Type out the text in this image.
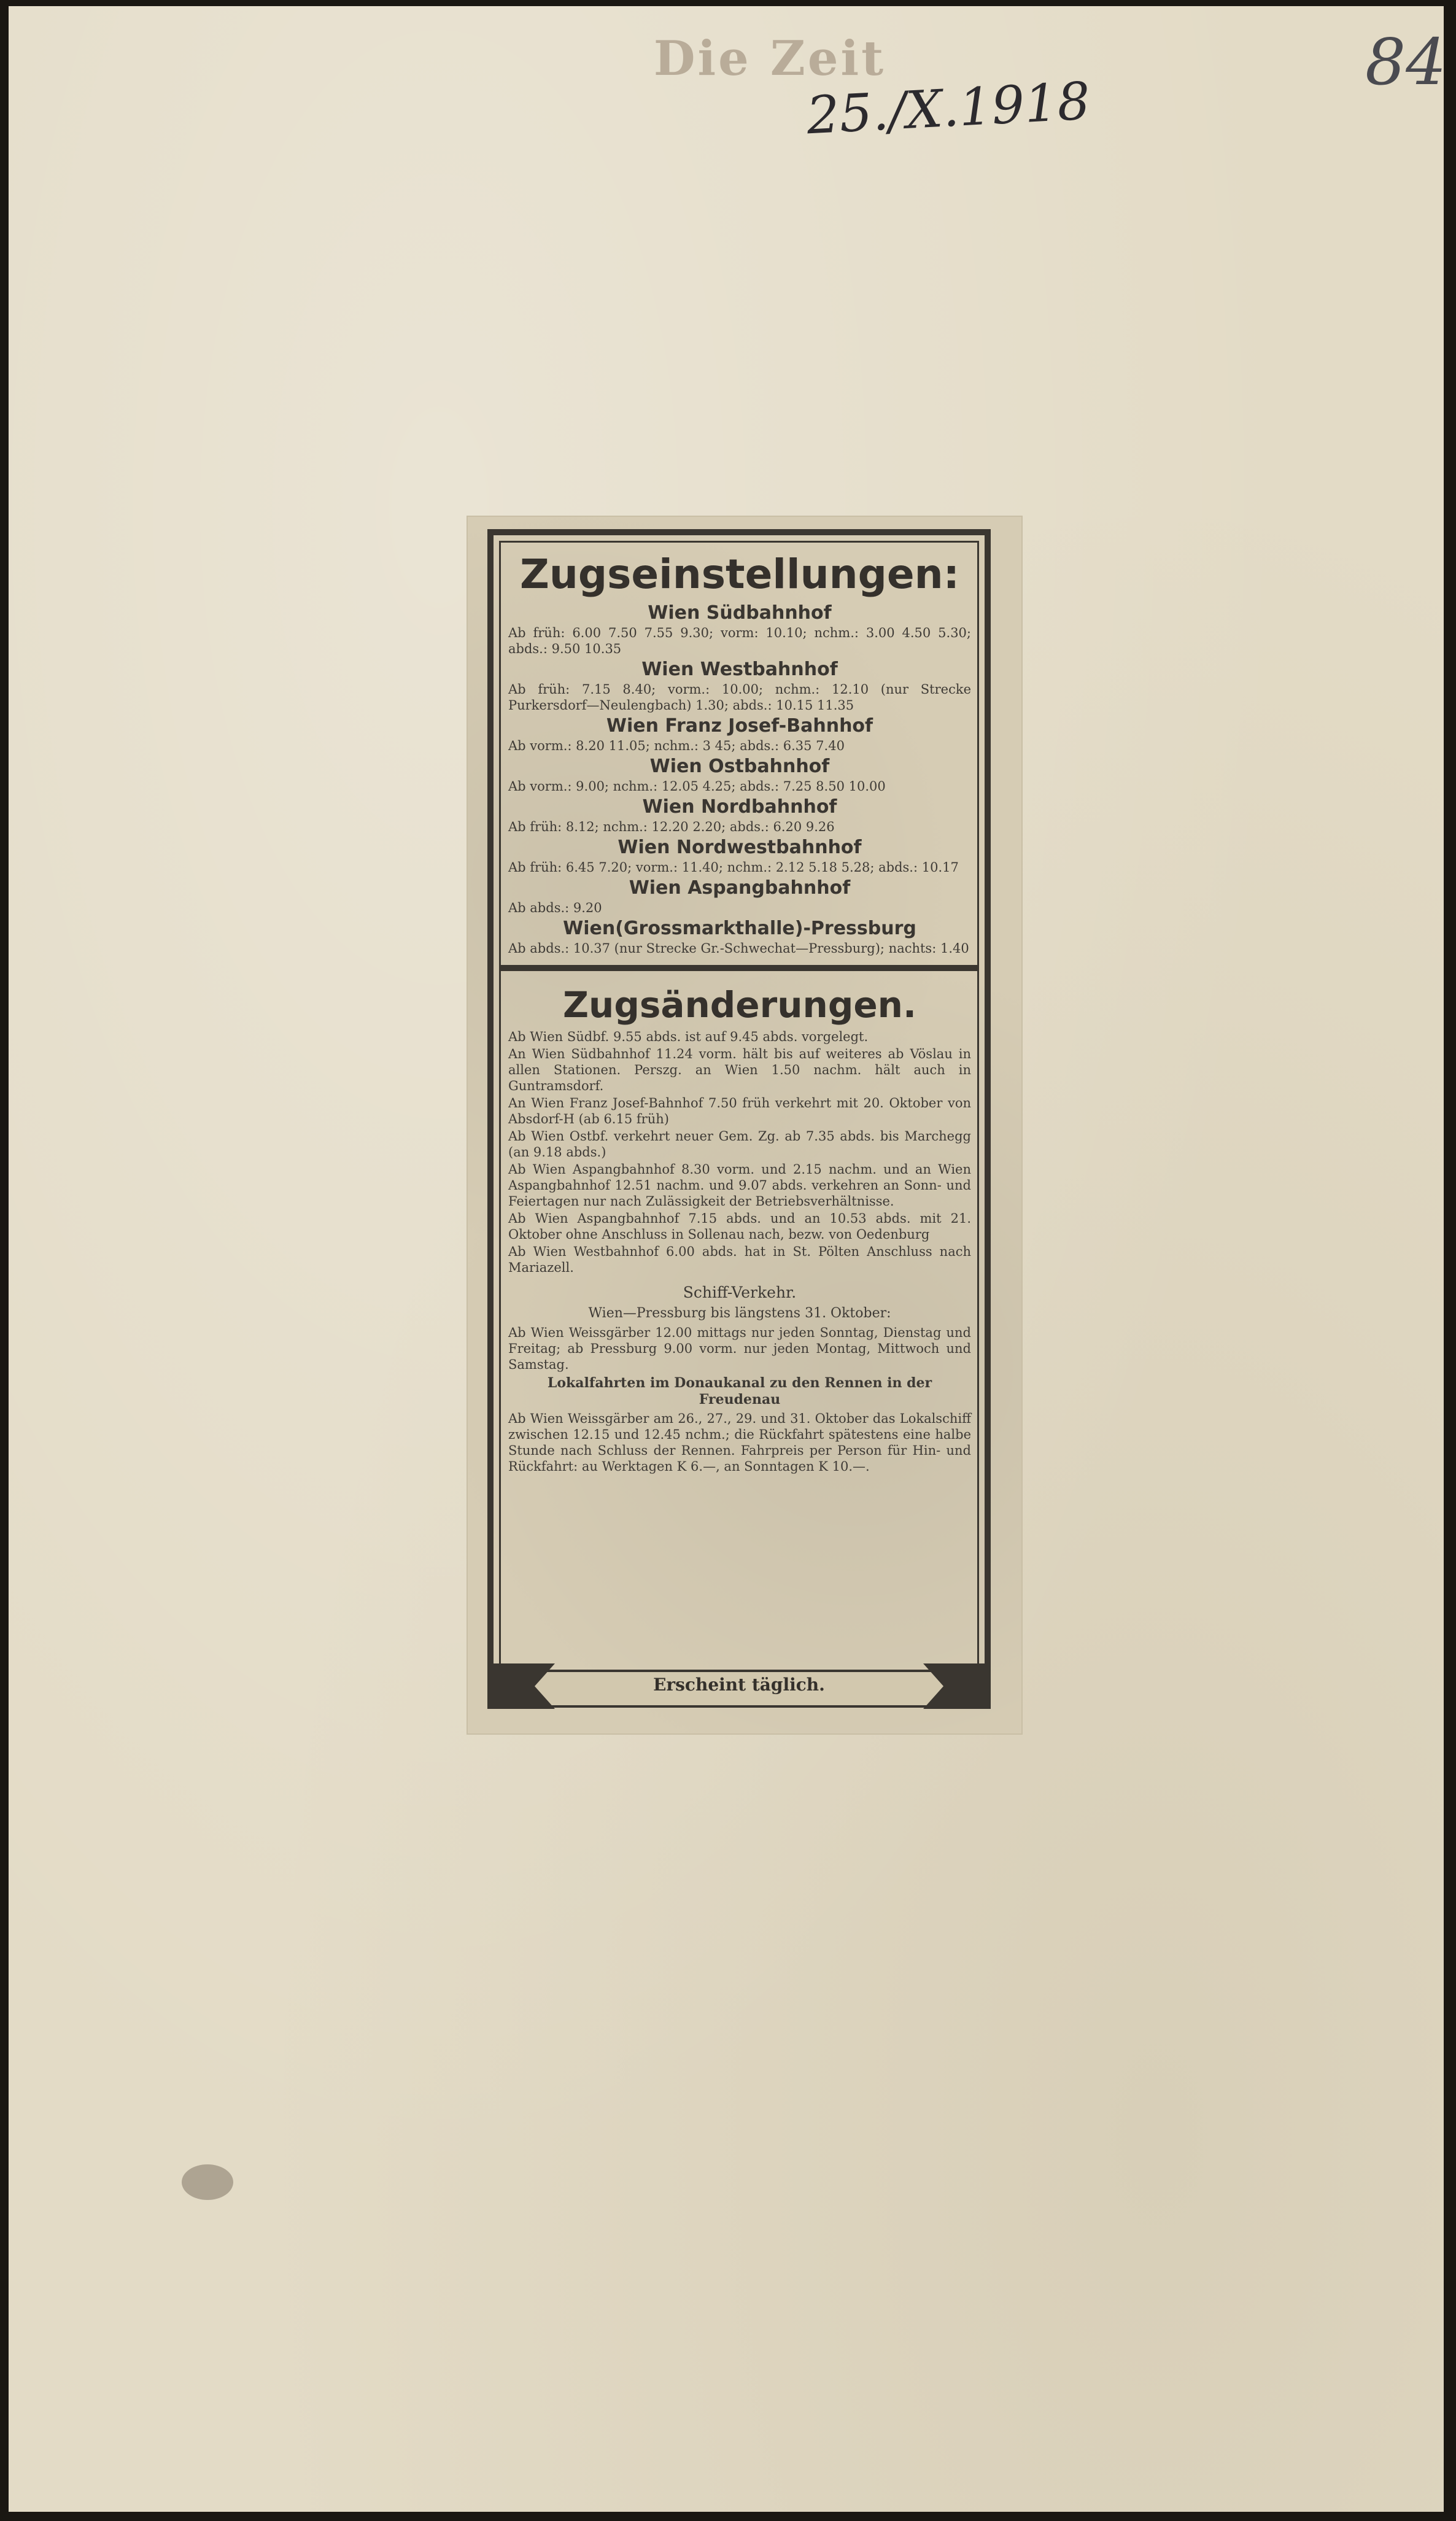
Die Zeit
25./X.1918
84
Zugseinstellungen:
Wien Südbahnhof
Ab früh: 6.00 7.50 7.55 9.30; vorm: 10.10; nchm.: 3.00 4.50 5.30; abds.: 9.50 10.35
Wien Westbahnhof
Ab früh: 7.15 8.40; vorm.: 10.00; nchm.: 12.10 (nur Strecke Purkersdorf—Neulengbach) 1.30; abds.: 10.15 11.35
Wien Franz Josef-Bahnhof
Ab vorm.: 8.20 11.05; nchm.: 3 45; abds.: 6.35 7.40
Wien Ostbahnhof
Ab vorm.: 9.00; nchm.: 12.05 4.25; abds.: 7.25 8.50 10.00
Wien Nordbahnhof
Ab früh: 8.12; nchm.: 12.20 2.20; abds.: 6.20 9.26
Wien Nordwestbahnhof
Ab früh: 6.45 7.20; vorm.: 11.40; nchm.: 2.12 5.18 5.28; abds.: 10.17
Wien Aspangbahnhof
Ab abds.: 9.20
Wien(Grossmarkthalle)-Pressburg
Ab abds.: 10.37 (nur Strecke Gr.-Schwechat—Pressburg); nachts: 1.40
Zugsänderungen.
Ab Wien Südbf. 9.55 abds. ist auf 9.45 abds. vorgelegt.
An Wien Südbahnhof 11.24 vorm. hält bis auf weiteres ab Vöslau in allen Stationen. Perszg. an Wien 1.50 nachm. hält auch in Guntramsdorf.
An Wien Franz Josef-Bahnhof 7.50 früh verkehrt mit 20. Oktober von Absdorf-H (ab 6.15 früh)
Ab Wien Ostbf. verkehrt neuer Gem. Zg. ab 7.35 abds. bis Marchegg (an 9.18 abds.)
Ab Wien Aspangbahnhof 8.30 vorm. und 2.15 nachm. und an Wien Aspangbahnhof 12.51 nachm. und 9.07 abds. verkehren an Sonn- und Feiertagen nur nach Zulässigkeit der Betriebsverhältnisse.
Ab Wien Aspangbahnhof 7.15 abds. und an 10.53 abds. mit 21. Oktober ohne Anschluss in Sollenau nach, bezw. von Oedenburg
Ab Wien Westbahnhof 6.00 abds. hat in St. Pölten Anschluss nach Mariazell.
Schiff-Verkehr.
Wien—Pressburg bis längstens 31. Oktober:
Ab Wien Weissgärber 12.00 mittags nur jeden Sonntag, Dienstag und Freitag; ab Pressburg 9.00 vorm. nur jeden Montag, Mittwoch und Samstag.
Lokalfahrten im Donaukanal zu den Rennen in der Freudenau
Ab Wien Weissgärber am 26., 27., 29. und 31. Oktober das Lokalschiff zwischen 12.15 und 12.45 nchm.; die Rückfahrt spätestens eine halbe Stunde nach Schluss der Rennen. Fahrpreis per Person für Hin- und Rückfahrt: au Werktagen K 6.—, an Sonntagen K 10.—.
Erscheint täglich.
